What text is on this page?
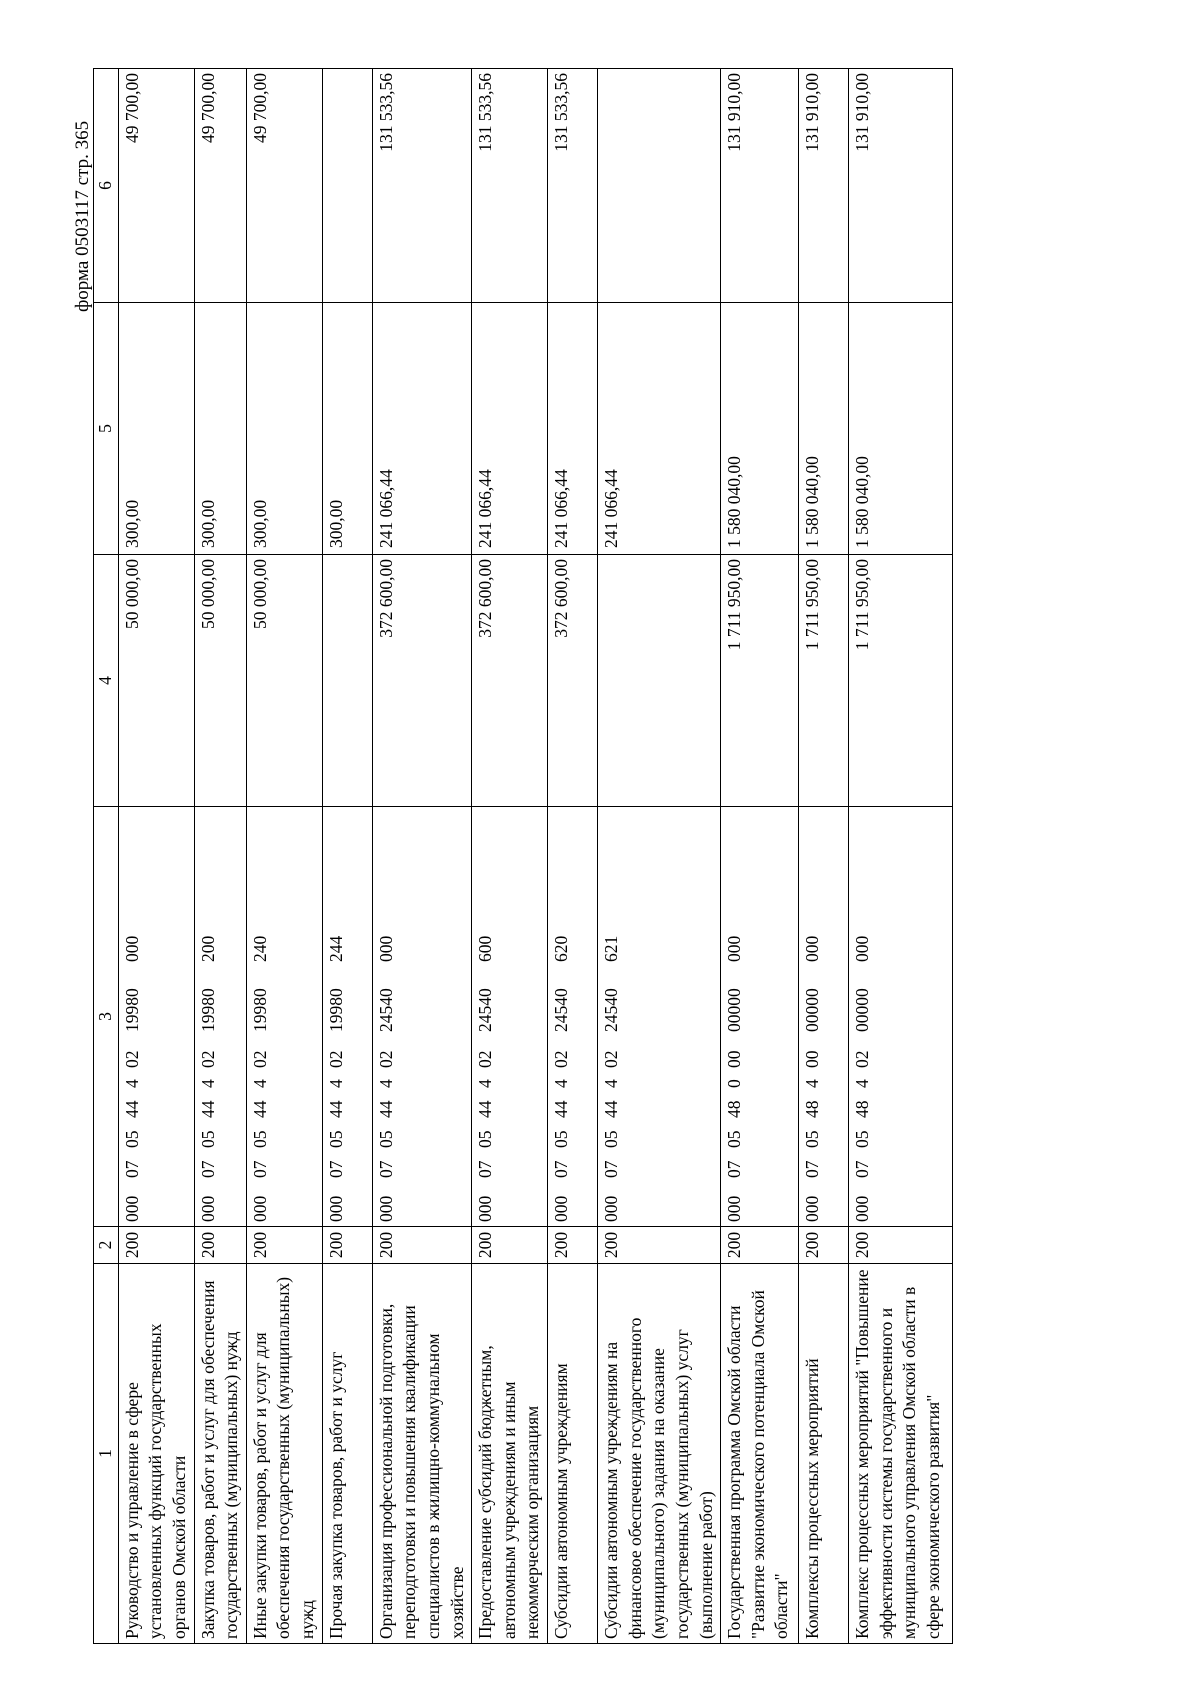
форма 0503117 стр. 365
1	2	3	4	5	6
Руководство и управление в сфере установленных функций государственных органов Омской области	200	00007054440219980000	50 000,00	300,00	49 700,00
Закупка товаров, работ и услуг для обеспечения государственных (муниципальных) нужд	200	00007054440219980200	50 000,00	300,00	49 700,00
Иные закупки товаров, работ и услуг для обеспечения государственных (муниципальных) нужд	200	00007054440219980240	50 000,00	300,00	49 700,00
Прочая закупка товаров, работ и услуг	200	00007054440219980244		300,00	
Организация профессиональной подготовки, переподготовки и повышения квалификации специалистов в жилищно-коммунальном хозяйстве	200	00007054440224540000	372 600,00	241 066,44	131 533,56
Предоставление субсидий бюджетным, автономным учреждениям и иным некоммерческим организациям	200	00007054440224540600	372 600,00	241 066,44	131 533,56
Субсидии автономным учреждениям	200	00007054440224540620	372 600,00	241 066,44	131 533,56
Субсидии автономным учреждениям на финансовое обеспечение государственного (муниципального) задания на оказание государственных (муниципальных) услуг (выполнение работ)	200	00007054440224540621		241 066,44	
Государственная программа Омской области "Развитие экономического потенциала Омской области"	200	00007054800000000000	1 711 950,00	1 580 040,00	131 910,00
Комплексы процессных мероприятий	200	00007054840000000000	1 711 950,00	1 580 040,00	131 910,00
Комплекс процессных мероприятий "Повышение эффективности системы государственного и муниципального управления Омской области в сфере экономического развития"	200	00007054840200000000	1 711 950,00	1 580 040,00	131 910,00
